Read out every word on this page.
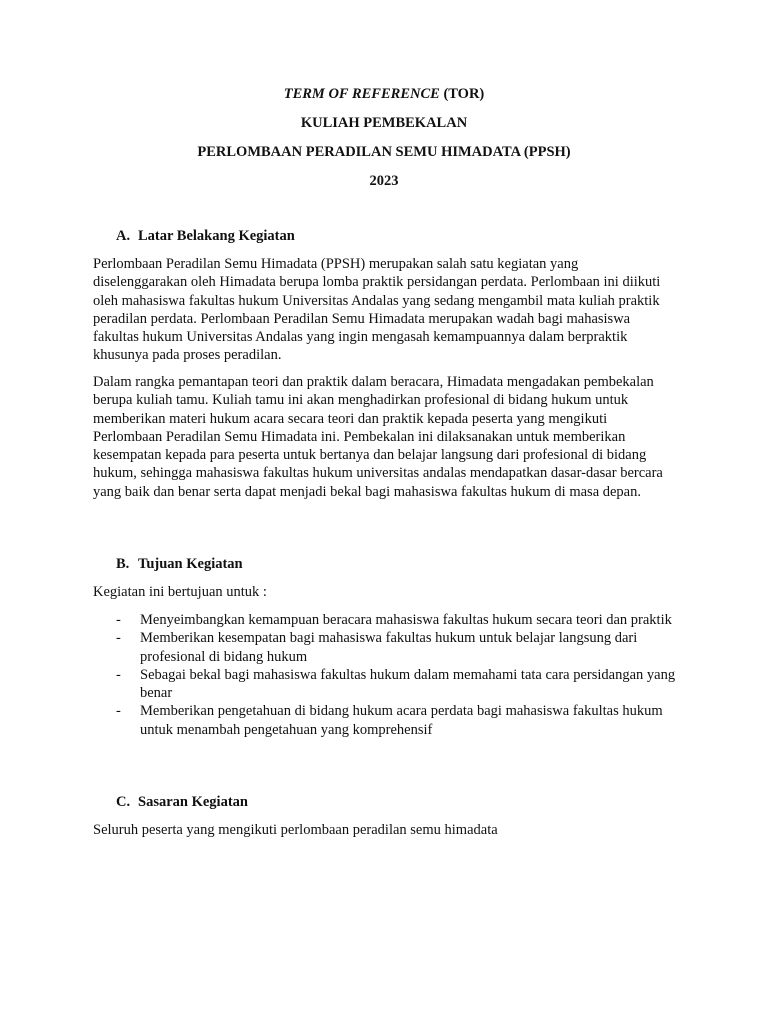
TERM OF REFERENCE (TOR)

KULIAH PEMBEKALAN

PERLOMBAAN PERADILAN SEMU HIMADATA (PPSH)

2023

A. Latar Belakang Kegiatan

Perlombaan Peradilan Semu Himadata (PPSH) merupakan salah satu kegiatan yang diselenggarakan oleh Himadata berupa lomba praktik persidangan perdata. Perlombaan ini diikuti oleh mahasiswa fakultas hukum Universitas Andalas yang sedang mengambil mata kuliah praktik peradilan perdata. Perlombaan Peradilan Semu Himadata merupakan wadah bagi mahasiswa fakultas hukum Universitas Andalas yang ingin mengasah kemampuannya dalam berpraktik khusunya pada proses peradilan.

Dalam rangka pemantapan teori dan praktik dalam beracara, Himadata mengadakan pembekalan berupa kuliah tamu. Kuliah tamu ini akan menghadirkan profesional di bidang hukum untuk memberikan materi hukum acara secara teori dan praktik kepada peserta yang mengikuti Perlombaan Peradilan Semu Himadata ini. Pembekalan ini dilaksanakan untuk memberikan kesempatan kepada para peserta untuk bertanya dan belajar langsung dari profesional di bidang hukum, sehingga mahasiswa fakultas hukum universitas andalas mendapatkan dasar-dasar bercara yang baik dan benar serta dapat menjadi bekal bagi mahasiswa fakultas hukum di masa depan.

B. Tujuan Kegiatan

Kegiatan ini bertujuan untuk :

- Menyeimbangkan kemampuan beracara mahasiswa fakultas hukum secara teori dan praktik
- Memberikan kesempatan bagi mahasiswa fakultas hukum untuk belajar langsung dari profesional di bidang hukum
- Sebagai bekal bagi mahasiswa fakultas hukum dalam memahami tata cara persidangan yang benar
- Memberikan pengetahuan di bidang hukum acara perdata bagi mahasiswa fakultas hukum untuk menambah pengetahuan yang komprehensif
C. Sasaran Kegiatan

Seluruh peserta yang mengikuti perlombaan peradilan semu himadata
